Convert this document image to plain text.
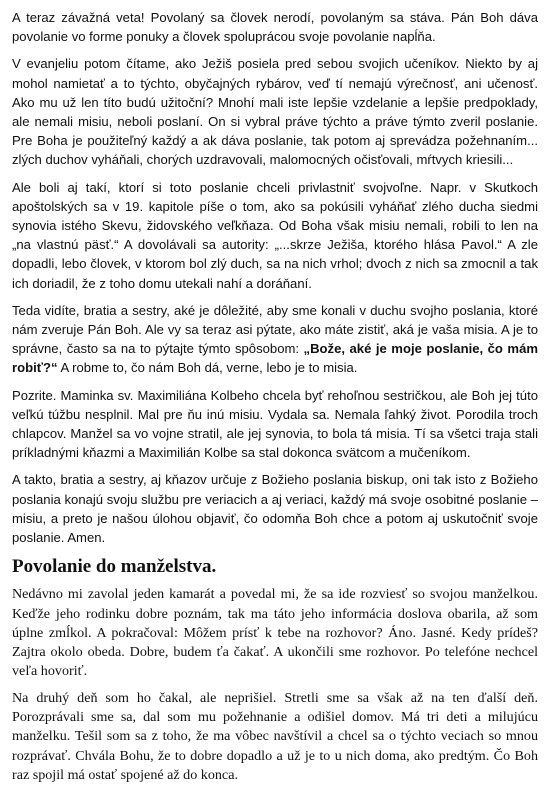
A teraz závažná veta! Povolaný sa človek nerodí, povolaným sa stáva. Pán Boh dáva povolanie vo forme ponuky a človek spoluprácou svoje povolanie napĺňa.

V evanjeliu potom čítame, ako Ježiš posiela pred sebou svojich učeníkov. Niekto by aj mohol namietať a to týchto, obyčajných rybárov, veď tí nemajú výrečnosť, ani učenosť. Ako mu už len títo budú užitoční? Mnohí mali iste lepšie vzdelanie a lepšie predpoklady, ale nemali misiu, neboli poslaní. On si vybral práve týchto a práve týmto zveril poslanie. Pre Boha je použiteľný každý a ak dáva poslanie, tak potom aj sprevádza požehnaním... zlých duchov vyháňali, chorých uzdravovali, malomocných očisťovali, mŕtvych kriesili...

Ale boli aj takí, ktorí si toto poslanie chceli privlastniť svojvoľne. Napr. v Skutkoch apoštolských sa v 19. kapitole píše o tom, ako sa pokúsili vyháňať zlého ducha siedmi synovia istého Skevu, židovského veľkňaza. Od Boha však misiu nemali, robili to len na „na vlastnú päsť.“ A dovolávali sa autority: „...skrze Ježiša, ktorého hlása Pavol.“ A zle dopadli, lebo človek, v ktorom bol zlý duch, sa na nich vrhol; dvoch z nich sa zmocnil a tak ich doriadil, že z toho domu utekali nahí a doráňaní.

Teda vidíte, bratia a sestry, aké je dôležité, aby sme konali v duchu svojho poslania, ktoré nám zveruje Pán Boh. Ale vy sa teraz asi pýtate, ako máte zistiť, aká je vaša misia. A je to správne, často sa na to pýtajte týmto spôsobom: „Bože, aké je moje poslanie, čo mám robiť?“ A robme to, čo nám Boh dá, verne, lebo je to misia.

Pozrite. Maminka sv. Maximiliána Kolbeho chcela byť rehoľnou sestričkou, ale Boh jej túto veľkú túžbu nesplnil. Mal pre ňu inú misiu. Vydala sa. Nemala ľahký život. Porodila troch chlapcov. Manžel sa vo vojne stratil, ale jej synovia, to bola tá misia. Tí sa všetci traja stali príkladnými kňazmi a Maximilián Kolbe sa stal dokonca svätcom a mučeníkom.

A takto, bratia a sestry, aj kňazov určuje z Božieho poslania biskup, oni tak isto z Božieho poslania konajú svoju službu pre veriacich a aj veriaci, každý má svoje osobitné poslanie – misiu, a preto je našou úlohou objaviť, čo odomňa Boh chce a potom aj uskutočniť svoje poslanie. Amen.

Povolanie do manželstva.

Nedávno mi zavolal jeden kamarát a povedal mi, že sa ide rozviesť so svojou manželkou. Keďže jeho rodinku dobre poznám, tak ma táto jeho informácia doslova obarila, až som úplne zmĺkol. A pokračoval: Môžem prísť k tebe na rozhovor? Áno. Jasné. Kedy prídeš? Zajtra okolo obeda. Dobre, budem ťa čakať. A ukončili sme rozhovor. Po telefóne nechcel veľa hovoriť.

Na druhý deň som ho čakal, ale neprišiel. Stretli sme sa však až na ten ďalší deň. Porozprávali sme sa, dal som mu požehnanie a odišiel domov. Má tri deti a milujúcu manželku. Tešil som sa z toho, že ma vôbec navštívil a chcel sa o týchto veciach so mnou rozprávať. Chvála Bohu, že to dobre dopadlo a už je to u nich doma, ako predtým. Čo Boh raz spojil má ostať spojené až do konca.
